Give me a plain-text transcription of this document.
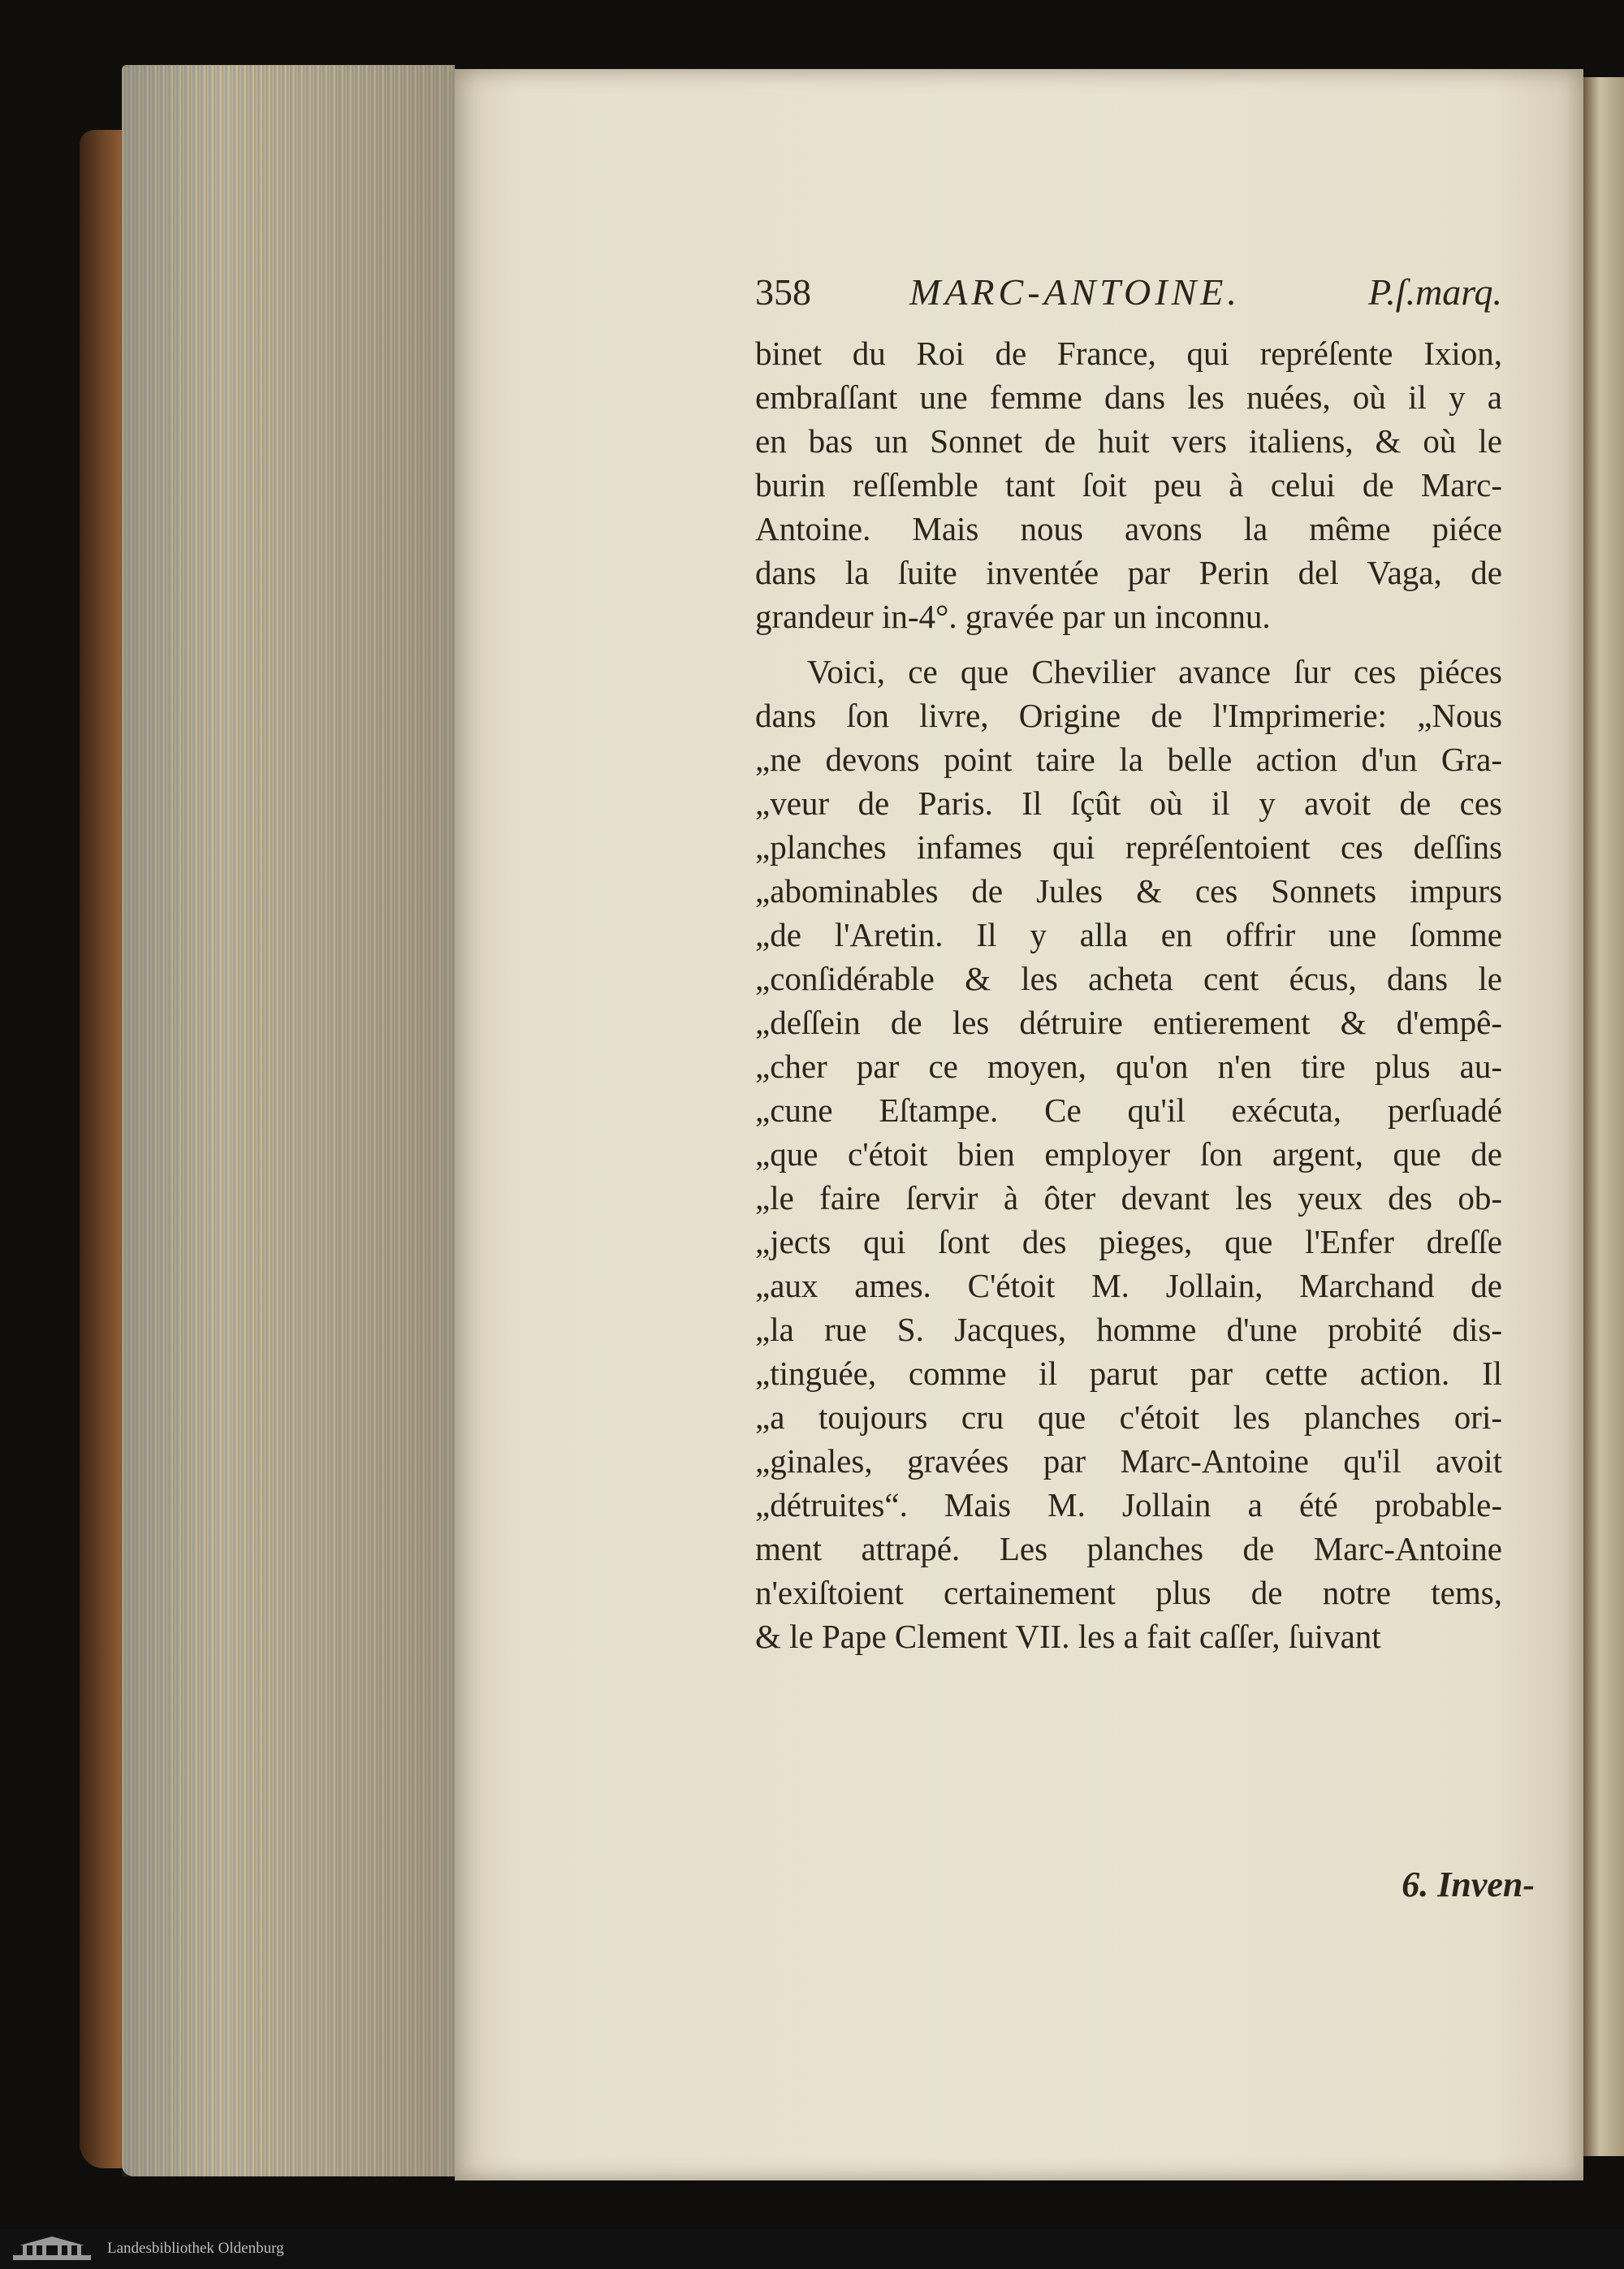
358	MARC-ANTOINE.	P.ſ.marq.
binet du Roi de France, qui repréſente Ixion,
embraſſant une femme dans les nuées, où il y a
en bas un Sonnet de huit vers italiens, & où le
burin reſſemble tant ſoit peu à celui de Marc-
Antoine. Mais nous avons la même piéce
dans la ſuite inventée par Perin del Vaga, de
grandeur in-4°. gravée par un inconnu.
Voici, ce que Chevilier avance ſur ces piéces
dans ſon livre, Origine de l'Imprimerie: „Nous
„ne devons point taire la belle action d'un Gra-
„veur de Paris. Il ſçût où il y avoit de ces
„planches infames qui repréſentoient ces deſſins
„abominables de Jules & ces Sonnets impurs
„de l'Aretin. Il y alla en offrir une ſomme
„conſidérable & les acheta cent écus, dans le
„deſſein de les détruire entierement & d'empê-
„cher par ce moyen, qu'on n'en tire plus au-
„cune Eſtampe. Ce qu'il exécuta, perſuadé
„que c'étoit bien employer ſon argent, que de
„le faire ſervir à ôter devant les yeux des ob-
„jects qui ſont des pieges, que l'Enfer dreſſe
„aux ames. C'étoit M. Jollain, Marchand de
„la rue S. Jacques, homme d'une probité dis-
„tinguée, comme il parut par cette action. Il
„a toujours cru que c'étoit les planches ori-
„ginales, gravées par Marc-Antoine qu'il avoit
„détruites“. Mais M. Jollain a été probable-
ment attrapé. Les planches de Marc-Antoine
n'exiſtoient certainement plus de notre tems,
& le Pape Clement VII. les a fait caſſer, ſuivant
6. Inven-
Landesbibliothek Oldenburg
